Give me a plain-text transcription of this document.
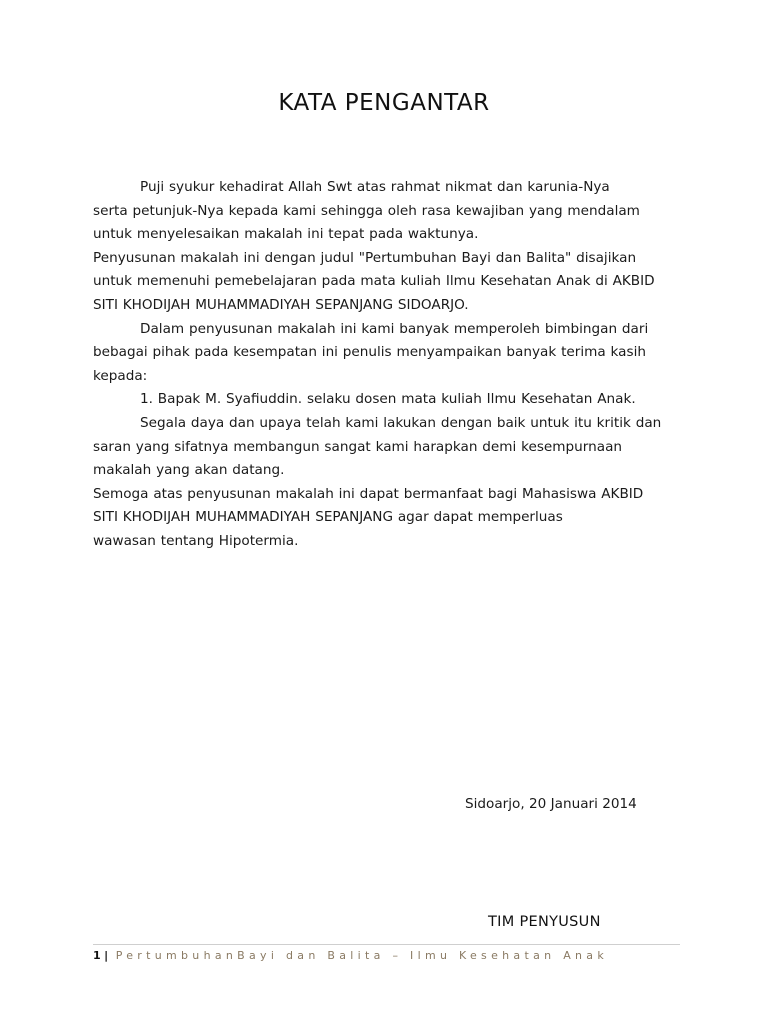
KATA PENGANTAR
Puji syukur kehadirat Allah Swt atas rahmat nikmat dan karunia-Nya
serta petunjuk-Nya kepada kami sehingga oleh rasa kewajiban yang mendalam
untuk menyelesaikan makalah ini tepat pada waktunya.
Penyusunan makalah ini dengan judul "Pertumbuhan Bayi dan Balita" disajikan
untuk memenuhi pemebelajaran pada mata kuliah Ilmu Kesehatan Anak di AKBID
SITI KHODIJAH MUHAMMADIYAH SEPANJANG SIDOARJO.
Dalam penyusunan makalah ini kami banyak memperoleh bimbingan dari
bebagai pihak pada kesempatan ini penulis menyampaikan banyak terima kasih
kepada:
1. Bapak M. Syafiuddin. selaku dosen mata kuliah Ilmu Kesehatan Anak.
Segala daya dan upaya telah kami lakukan dengan baik untuk itu kritik dan
saran yang sifatnya membangun sangat kami harapkan demi kesempurnaan
makalah yang akan datang.
Semoga atas penyusunan makalah ini dapat bermanfaat bagi Mahasiswa AKBID
SITI KHODIJAH MUHAMMADIYAH SEPANJANG agar dapat memperluas
wawasan tentang Hipotermia.
Sidoarjo, 20 Januari 2014
TIM PENYUSUN
1 | PertumbuhanBayi dan Balita – Ilmu Kesehatan Anak
